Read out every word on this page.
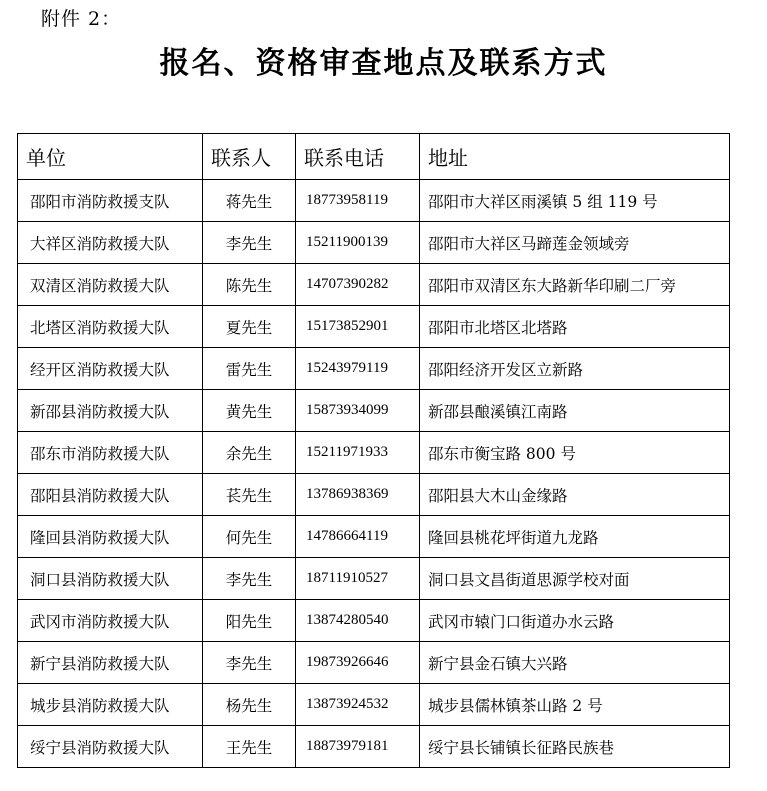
附件 2：
报名、资格审查地点及联系方式
单位	联系人	联系电话	地址
邵阳市消防救援支队	蒋先生	18773958119	邵阳市大祥区雨溪镇 5 组 119 号
大祥区消防救援大队	李先生	15211900139	邵阳市大祥区马蹄莲金领域旁
双清区消防救援大队	陈先生	14707390282	邵阳市双清区东大路新华印刷二厂旁
北塔区消防救援大队	夏先生	15173852901	邵阳市北塔区北塔路
经开区消防救援大队	雷先生	15243979119	邵阳经济开发区立新路
新邵县消防救援大队	黄先生	15873934099	新邵县酿溪镇江南路
邵东市消防救援大队	余先生	15211971933	邵东市衡宝路 800 号
邵阳县消防救援大队	苌先生	13786938369	邵阳县大木山金缘路
隆回县消防救援大队	何先生	14786664119	隆回县桃花坪街道九龙路
洞口县消防救援大队	李先生	18711910527	洞口县文昌街道思源学校对面
武冈市消防救援大队	阳先生	13874280540	武冈市辕门口街道办水云路
新宁县消防救援大队	李先生	19873926646	新宁县金石镇大兴路
城步县消防救援大队	杨先生	13873924532	城步县儒林镇茶山路 2 号
绥宁县消防救援大队	王先生	18873979181	绥宁县长铺镇长征路民族巷
